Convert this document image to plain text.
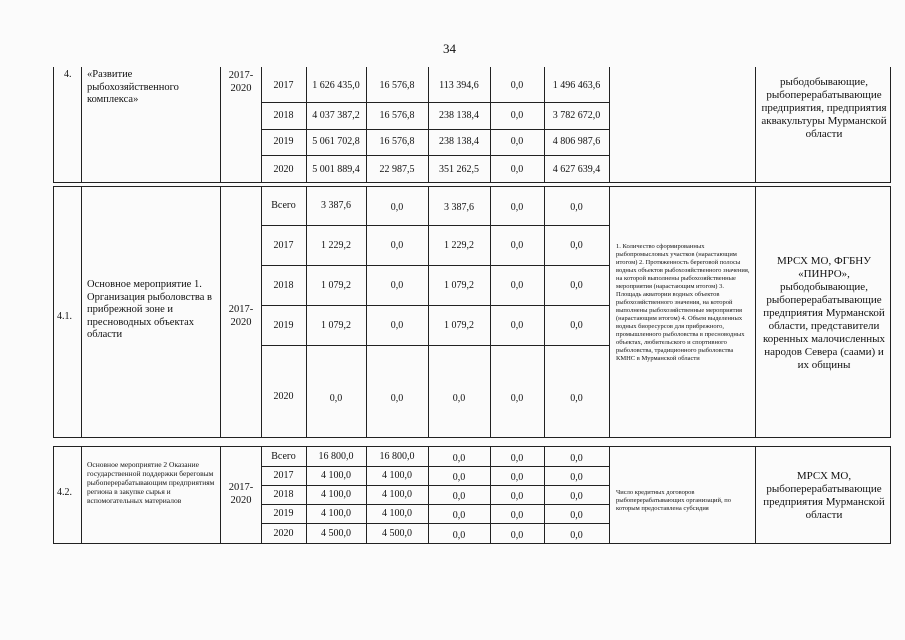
34
4. «Развитие рыбохозяйственного комплекса»
2017-2020	2017	1 626 435,0	16 576,8	113 394,6	0,0	1 496 463,6
2018	4 037 387,2	16 576,8	238 138,4	0,0	3 782 672,0
2019	5 061 702,8	16 576,8	238 138,4	0,0	4 806 987,6
2020	5 001 889,4	22 987,5	351 262,5	0,0	4 627 639,4
рыбодобывающие, рыбоперерабатывающие предприятия, предприятия аквакультуры Мурманской области
4.1.
Основное мероприятие 1. Организация рыболовства в прибрежной зоне и пресноводных объектах области
2017-2020
Всего	3 387,6	0,0	3 387,6	0,0	0,0
2017	1 229,2	0,0	1 229,2	0,0	0,0
2018	1 079,2	0,0	1 079,2	0,0	0,0
2019	1 079,2	0,0	1 079,2	0,0	0,0
2020	0,0	0,0	0,0	0,0	0,0
1. Количество сформированных рыбопромысловых участков (нарастающим итогом) 2. Протяженность береговой полосы водных объектов рыбохозяйственного значения, на которой выполнены рыбохозяйственные мероприятия (нарастающим итогом) 3. Площадь акватории водных объектов рыбохозяйственного значения, на которой выполнены рыбохозяйственные мероприятия (нарастающим итогом) 4. Объем выделенных водных биоресурсов для прибрежного, промышленного рыболовства в пресноводных объектах, любительского и спортивного рыболовства, традиционного рыболовства КМНС в Мурманской области
МРСХ МО, ФГБНУ «ПИНРО», рыбодобывающие, рыбоперерабатывающие предприятия Мурманской области, представители коренных малочисленных народов Севера (саами) и их общины
4.2.
Основное мероприятие 2 Оказание государственной поддержки береговым рыбоперерабатывающим предприятиям региона в закупке сырья и вспомогательных материалов
2017-2020
Всего	16 800,0	16 800,0	0,0	0,0	0,0
2017	4 100,0	4 100,0	0,0	0,0	0,0
2018	4 100,0	4 100,0	0,0	0,0	0,0
2019	4 100,0	4 100,0	0,0	0,0	0,0
2020	4 500,0	4 500,0	0,0	0,0	0,0
Число кредитных договоров рыбоперерабатывающих организаций, по которым предоставлена субсидия
МРСХ МО, рыбоперерабатывающие предприятия Мурманской области
